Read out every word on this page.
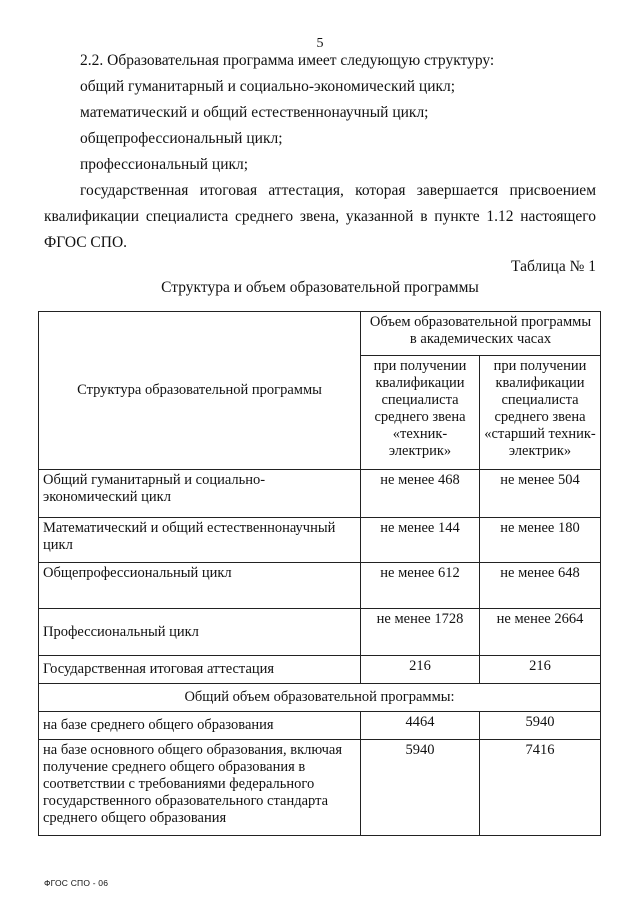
5
2.2. Образовательная программа имеет следующую структуру:
общий гуманитарный и социально-экономический цикл;
математический и общий естественнонаучный цикл;
общепрофессиональный цикл;
профессиональный цикл;
государственная итоговая аттестация, которая завершается присвоением
квалификации специалиста среднего звена, указанной в пункте 1.12 настоящего
ФГОС СПО.
Таблица № 1
Структура и объем образовательной программы
Структура образовательной программы	Объем образовательной программы в академических часах	
	при получении квалификации специалиста среднего звена «техник-электрик»	при получении квалификации специалиста среднего звена «старший техник-электрик»
Общий гуманитарный и социально-экономический цикл	не менее 468	не менее 504
Математический и общий естественнонаучный цикл	не менее 144	не менее 180
Общепрофессиональный цикл	не менее 612	не менее 648
Профессиональный цикл	не менее 1728	не менее 2664
Государственная итоговая аттестация	216	216
Общий объем образовательной программы:		
на базе среднего общего образования	4464	5940
на базе основного общего образования, включая получение среднего общего образования в соответствии с требованиями федерального государственного образовательного стандарта среднего общего образования	5940	7416
ФГОС СПО - 06
